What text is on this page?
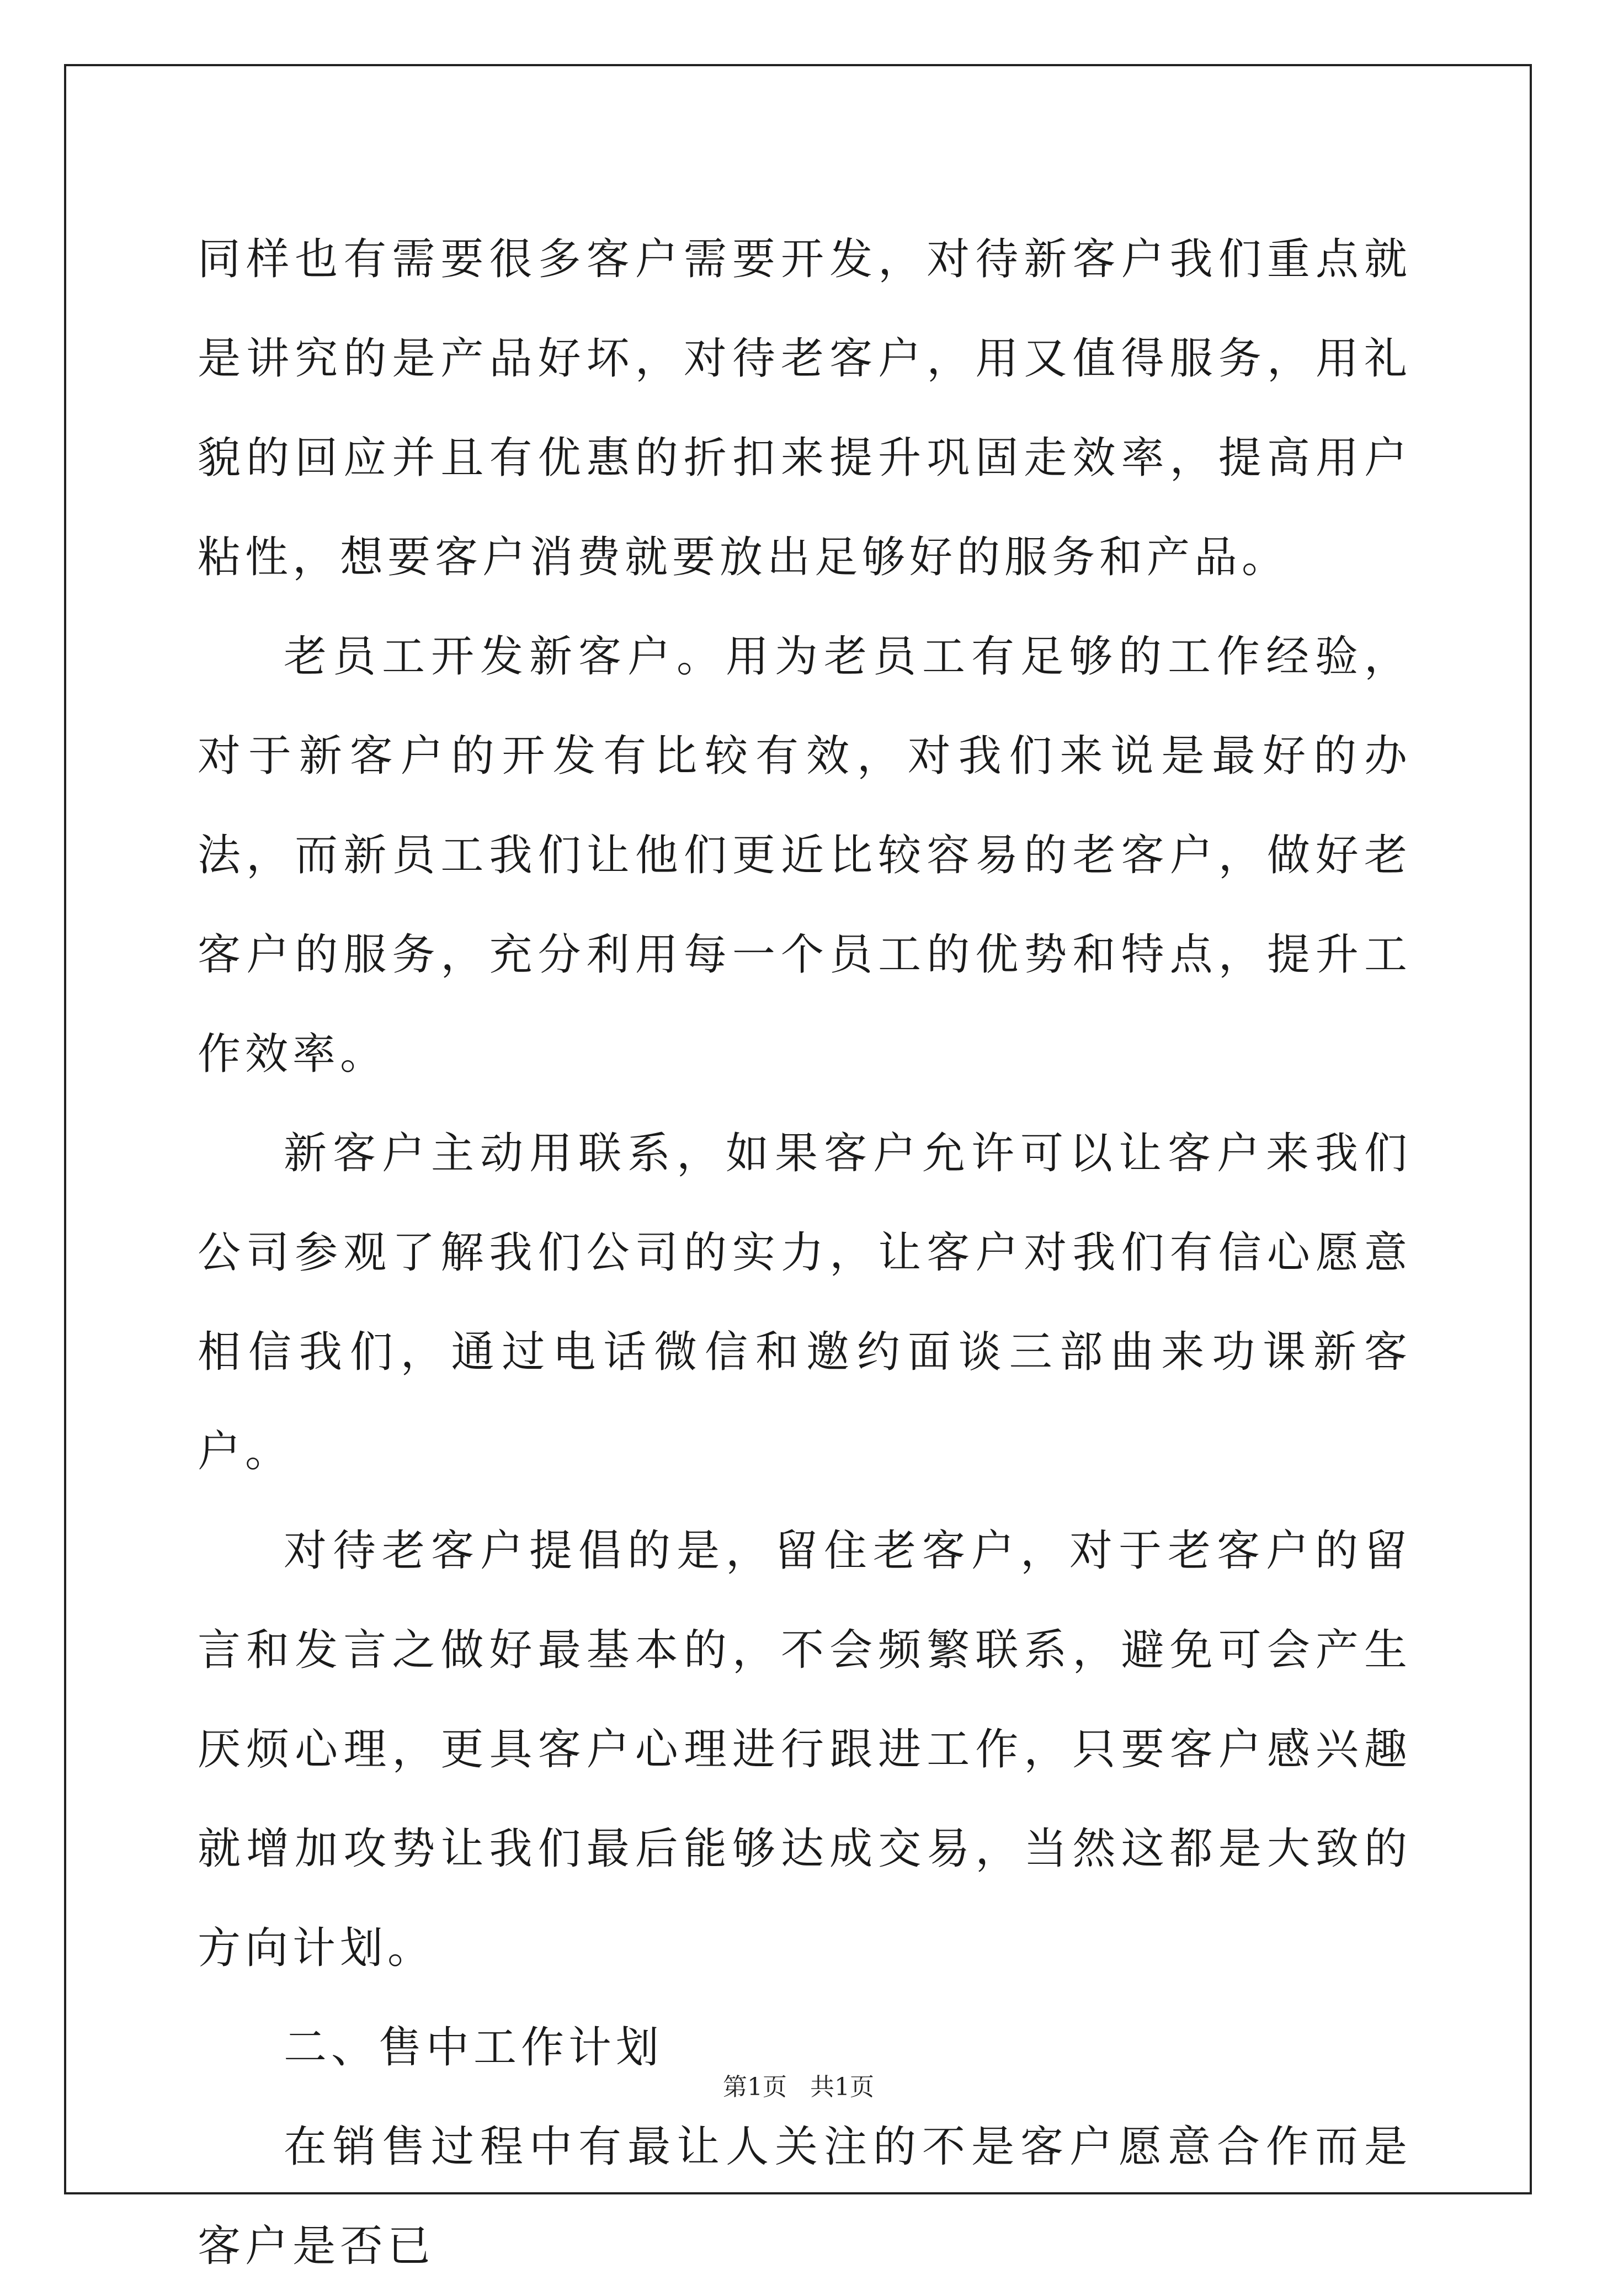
同样也有需要很多客户需要开发，对待新客户我们重点就是讲究的是产品好坏，对待老客户，用又值得服务，用礼貌的回应并且有优惠的折扣来提升巩固走效率，提高用户粘性，想要客户消费就要放出足够好的服务和产品。

老员工开发新客户。用为老员工有足够的工作经验，对于新客户的开发有比较有效，对我们来说是最好的办法，而新员工我们让他们更近比较容易的老客户，做好老客户的服务，充分利用每一个员工的优势和特点，提升工作效率。

新客户主动用联系，如果客户允许可以让客户来我们公司参观了解我们公司的实力，让客户对我们有信心愿意相信我们，通过电话微信和邀约面谈三部曲来功课新客户。

对待老客户提倡的是，留住老客户，对于老客户的留言和发言之做好最基本的，不会频繁联系，避免可会产生厌烦心理，更具客户心理进行跟进工作，只要客户感兴趣就增加攻势让我们最后能够达成交易，当然这都是大致的方向计划。

二、售中工作计划

在销售过程中有最让人关注的不是客户愿意合作而是客户是否已

第1页   共1页
